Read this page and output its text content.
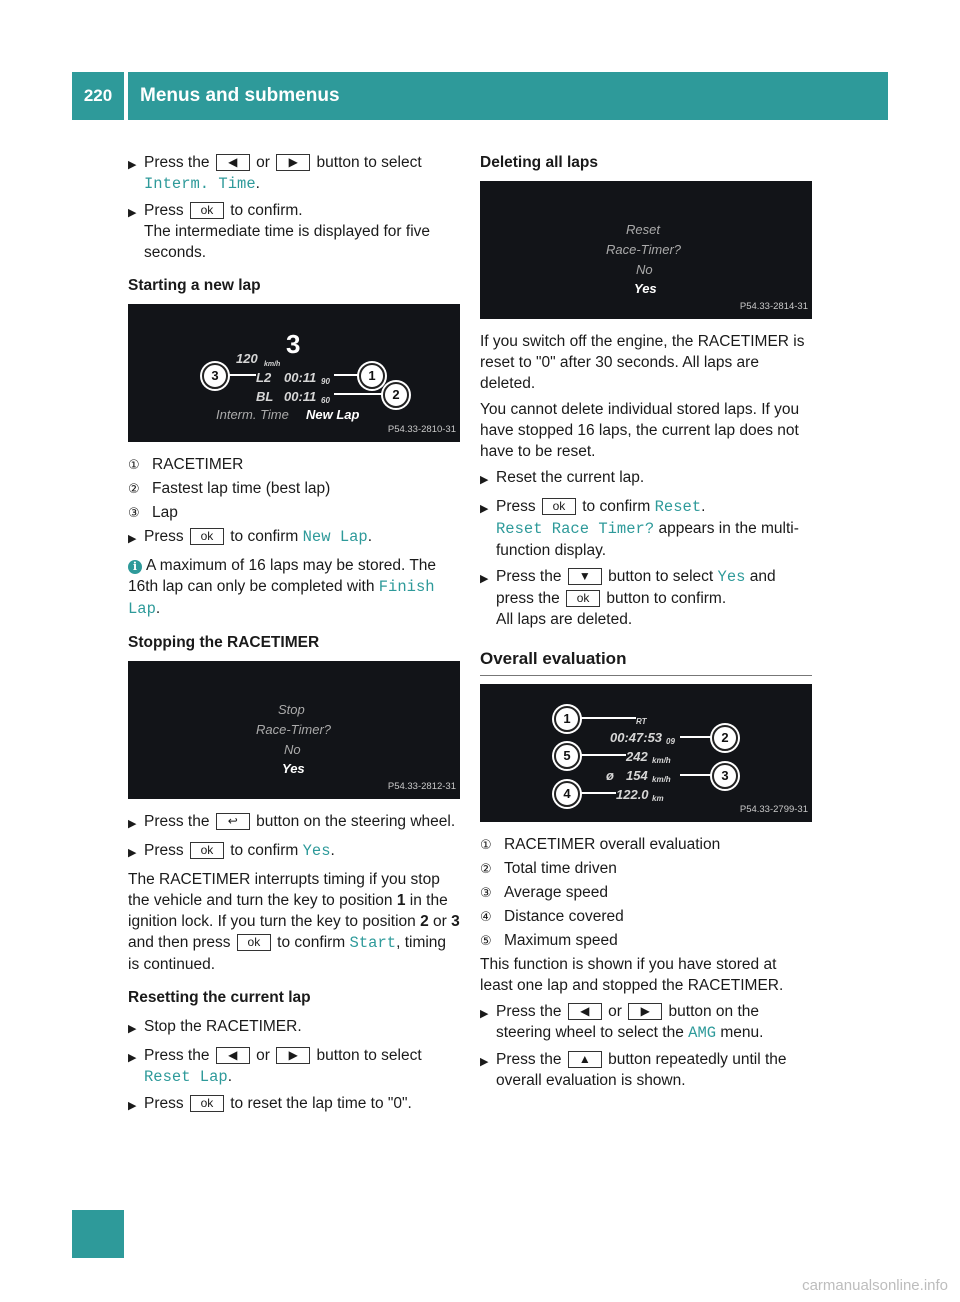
220	Menus and submenus
▶ Press the ◀ or ▶ button to select
Interm. Time.
▶ Press ok to confirm.
The intermediate time is displayed for five seconds.
Starting a new lap
120 km/h
3
L2 00:11 90
BL 00:11 60
Interm. Time New Lap
3	1
2
P54.33-2810-31
① RACETIMER
② Fastest lap time (best lap)
③ Lap
▶ Press ok to confirm New Lap.
i A maximum of 16 laps may be stored. The 16th lap can only be completed with Finish Lap.
Stopping the RACETIMER
Stop
Race-Timer?
No
Yes
P54.33-2812-31
▶ Press the ↩ button on the steering wheel.
▶ Press ok to confirm Yes.
The RACETIMER interrupts timing if you stop the vehicle and turn the key to position 1 in the ignition lock. If you turn the key to position 2 or 3 and then press ok to confirm Start, timing is continued.
Resetting the current lap
▶ Stop the RACETIMER.
▶ Press the ◀ or ▶ button to select
Reset Lap.
▶ Press ok to reset the lap time to "0".
Deleting all laps
Reset
Race-Timer?
No
Yes
P54.33-2814-31
If you switch off the engine, the RACETIMER is reset to "0" after 30 seconds. All laps are deleted.
You cannot delete individual stored laps. If you have stopped 16 laps, the current lap does not have to be reset.
▶ Reset the current lap.
▶ Press ok to confirm Reset.
Reset Race Timer? appears in the multi-function display.
▶ Press the ▼ button to select Yes and press the ok button to confirm.
All laps are deleted.
Overall evaluation
RT
00:47:53 09
242 km/h
ø 154 km/h
122.0 km
1
5
4
2
3
P54.33-2799-31
① RACETIMER overall evaluation
② Total time driven
③ Average speed
④ Distance covered
⑤ Maximum speed
This function is shown if you have stored at least one lap and stopped the RACETIMER.
▶ Press the ◀ or ▶ button on the steering wheel to select the AMG menu.
▶ Press the ▲ button repeatedly until the overall evaluation is shown.
carmanualsonline.info
